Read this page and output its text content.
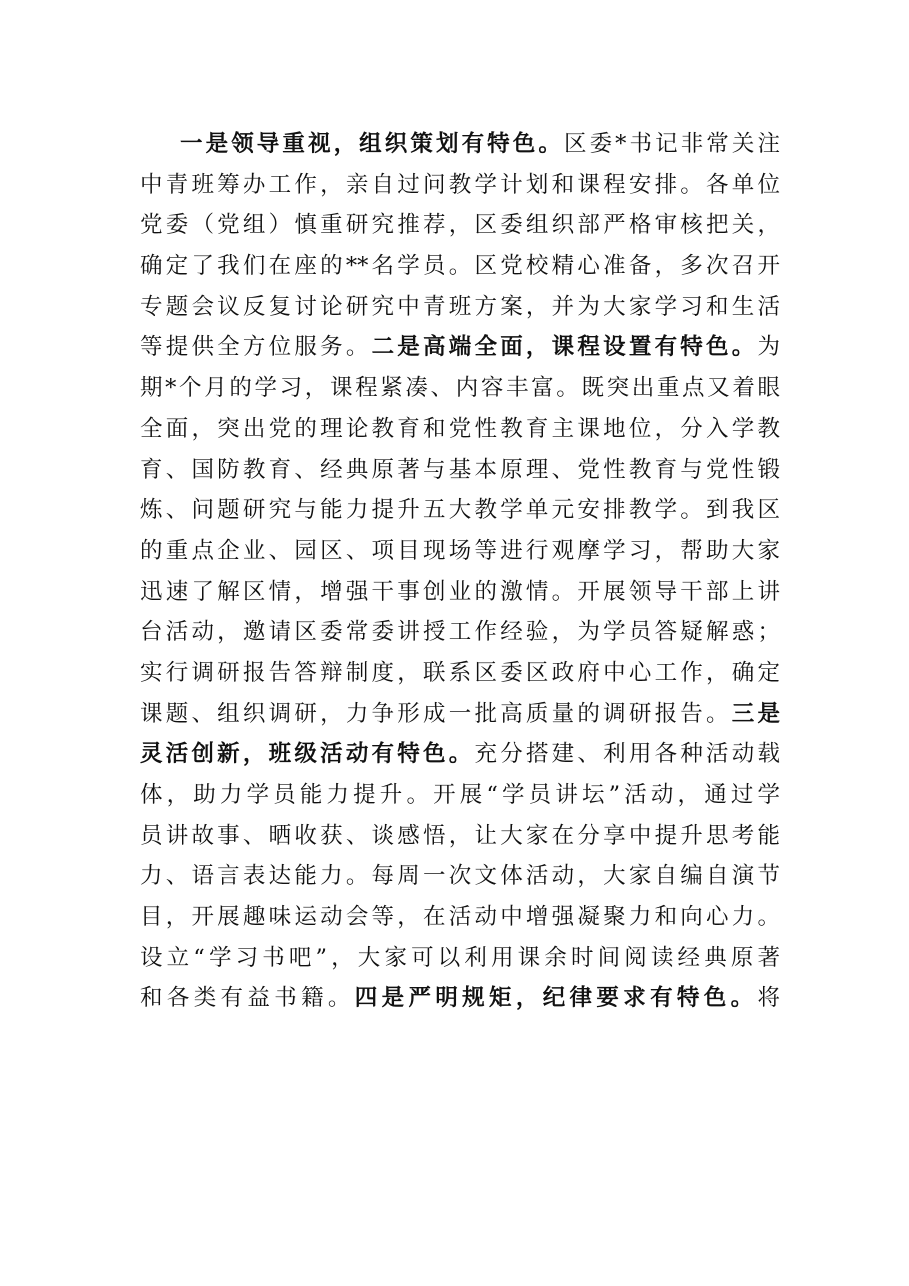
一是领导重视，组织策划有特色。区委*书记非常关注
中青班筹办工作，亲自过问教学计划和课程安排。各单位
党委（党组）慎重研究推荐，区委组织部严格审核把关，
确定了我们在座的**名学员。区党校精心准备，多次召开
专题会议反复讨论研究中青班方案，并为大家学习和生活
等提供全方位服务。二是高端全面，课程设置有特色。为
期*个月的学习，课程紧凑、内容丰富。既突出重点又着眼
全面，突出党的理论教育和党性教育主课地位，分入学教
育、国防教育、经典原著与基本原理、党性教育与党性锻
炼、问题研究与能力提升五大教学单元安排教学。到我区
的重点企业、园区、项目现场等进行观摩学习，帮助大家
迅速了解区情，增强干事创业的激情。开展领导干部上讲
台活动，邀请区委常委讲授工作经验，为学员答疑解惑；
实行调研报告答辩制度，联系区委区政府中心工作，确定
课题、组织调研，力争形成一批高质量的调研报告。三是
灵活创新，班级活动有特色。充分搭建、利用各种活动载
体，助力学员能力提升。开展“学员讲坛”活动，通过学
员讲故事、晒收获、谈感悟，让大家在分享中提升思考能
力、语言表达能力。每周一次文体活动，大家自编自演节
目，开展趣味运动会等，在活动中增强凝聚力和向心力。
设立“学习书吧”，大家可以利用课余时间阅读经典原著
和各类有益书籍。四是严明规矩，纪律要求有特色。将
